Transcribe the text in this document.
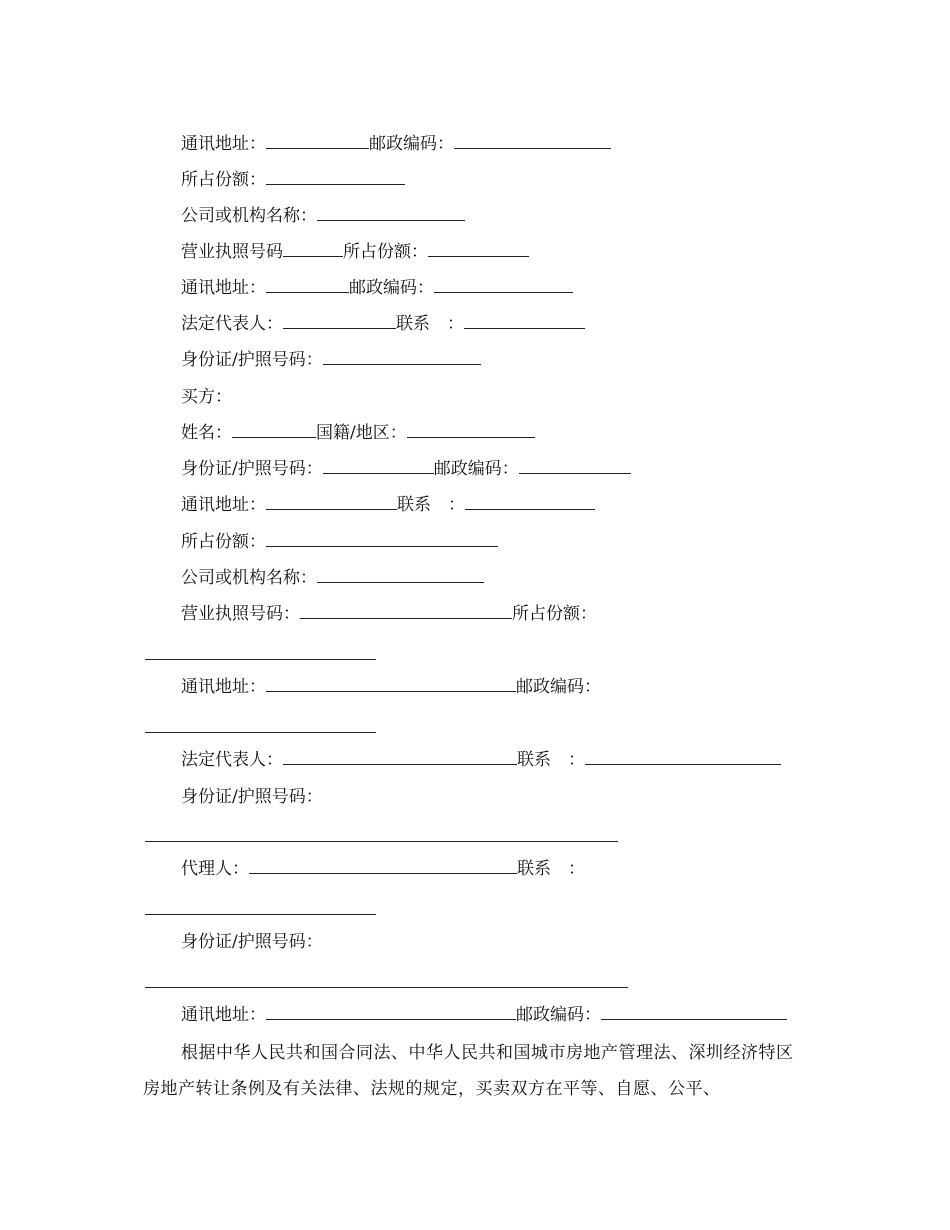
通讯地址：	邮政编码：
所占份额：
公司或机构名称：
营业执照号码	所占份额：
通讯地址：	邮政编码：
法定代表人：	联系　：
身份证/护照号码：
买方：
姓名：	国籍/地区：
身份证/护照号码：	邮政编码：
通讯地址：	联系　：
所占份额：
公司或机构名称：
营业执照号码：	所占份额：
通讯地址：	邮政编码：
法定代表人：	联系　：
身份证/护照号码：
代理人：	联系　：
身份证/护照号码：
通讯地址：	邮政编码：
根据中华人民共和国合同法、中华人民共和国城市房地产管理法、深圳经济特区房地产转让条例及有关法律、法规的规定，买卖双方在平等、自愿、公平、
